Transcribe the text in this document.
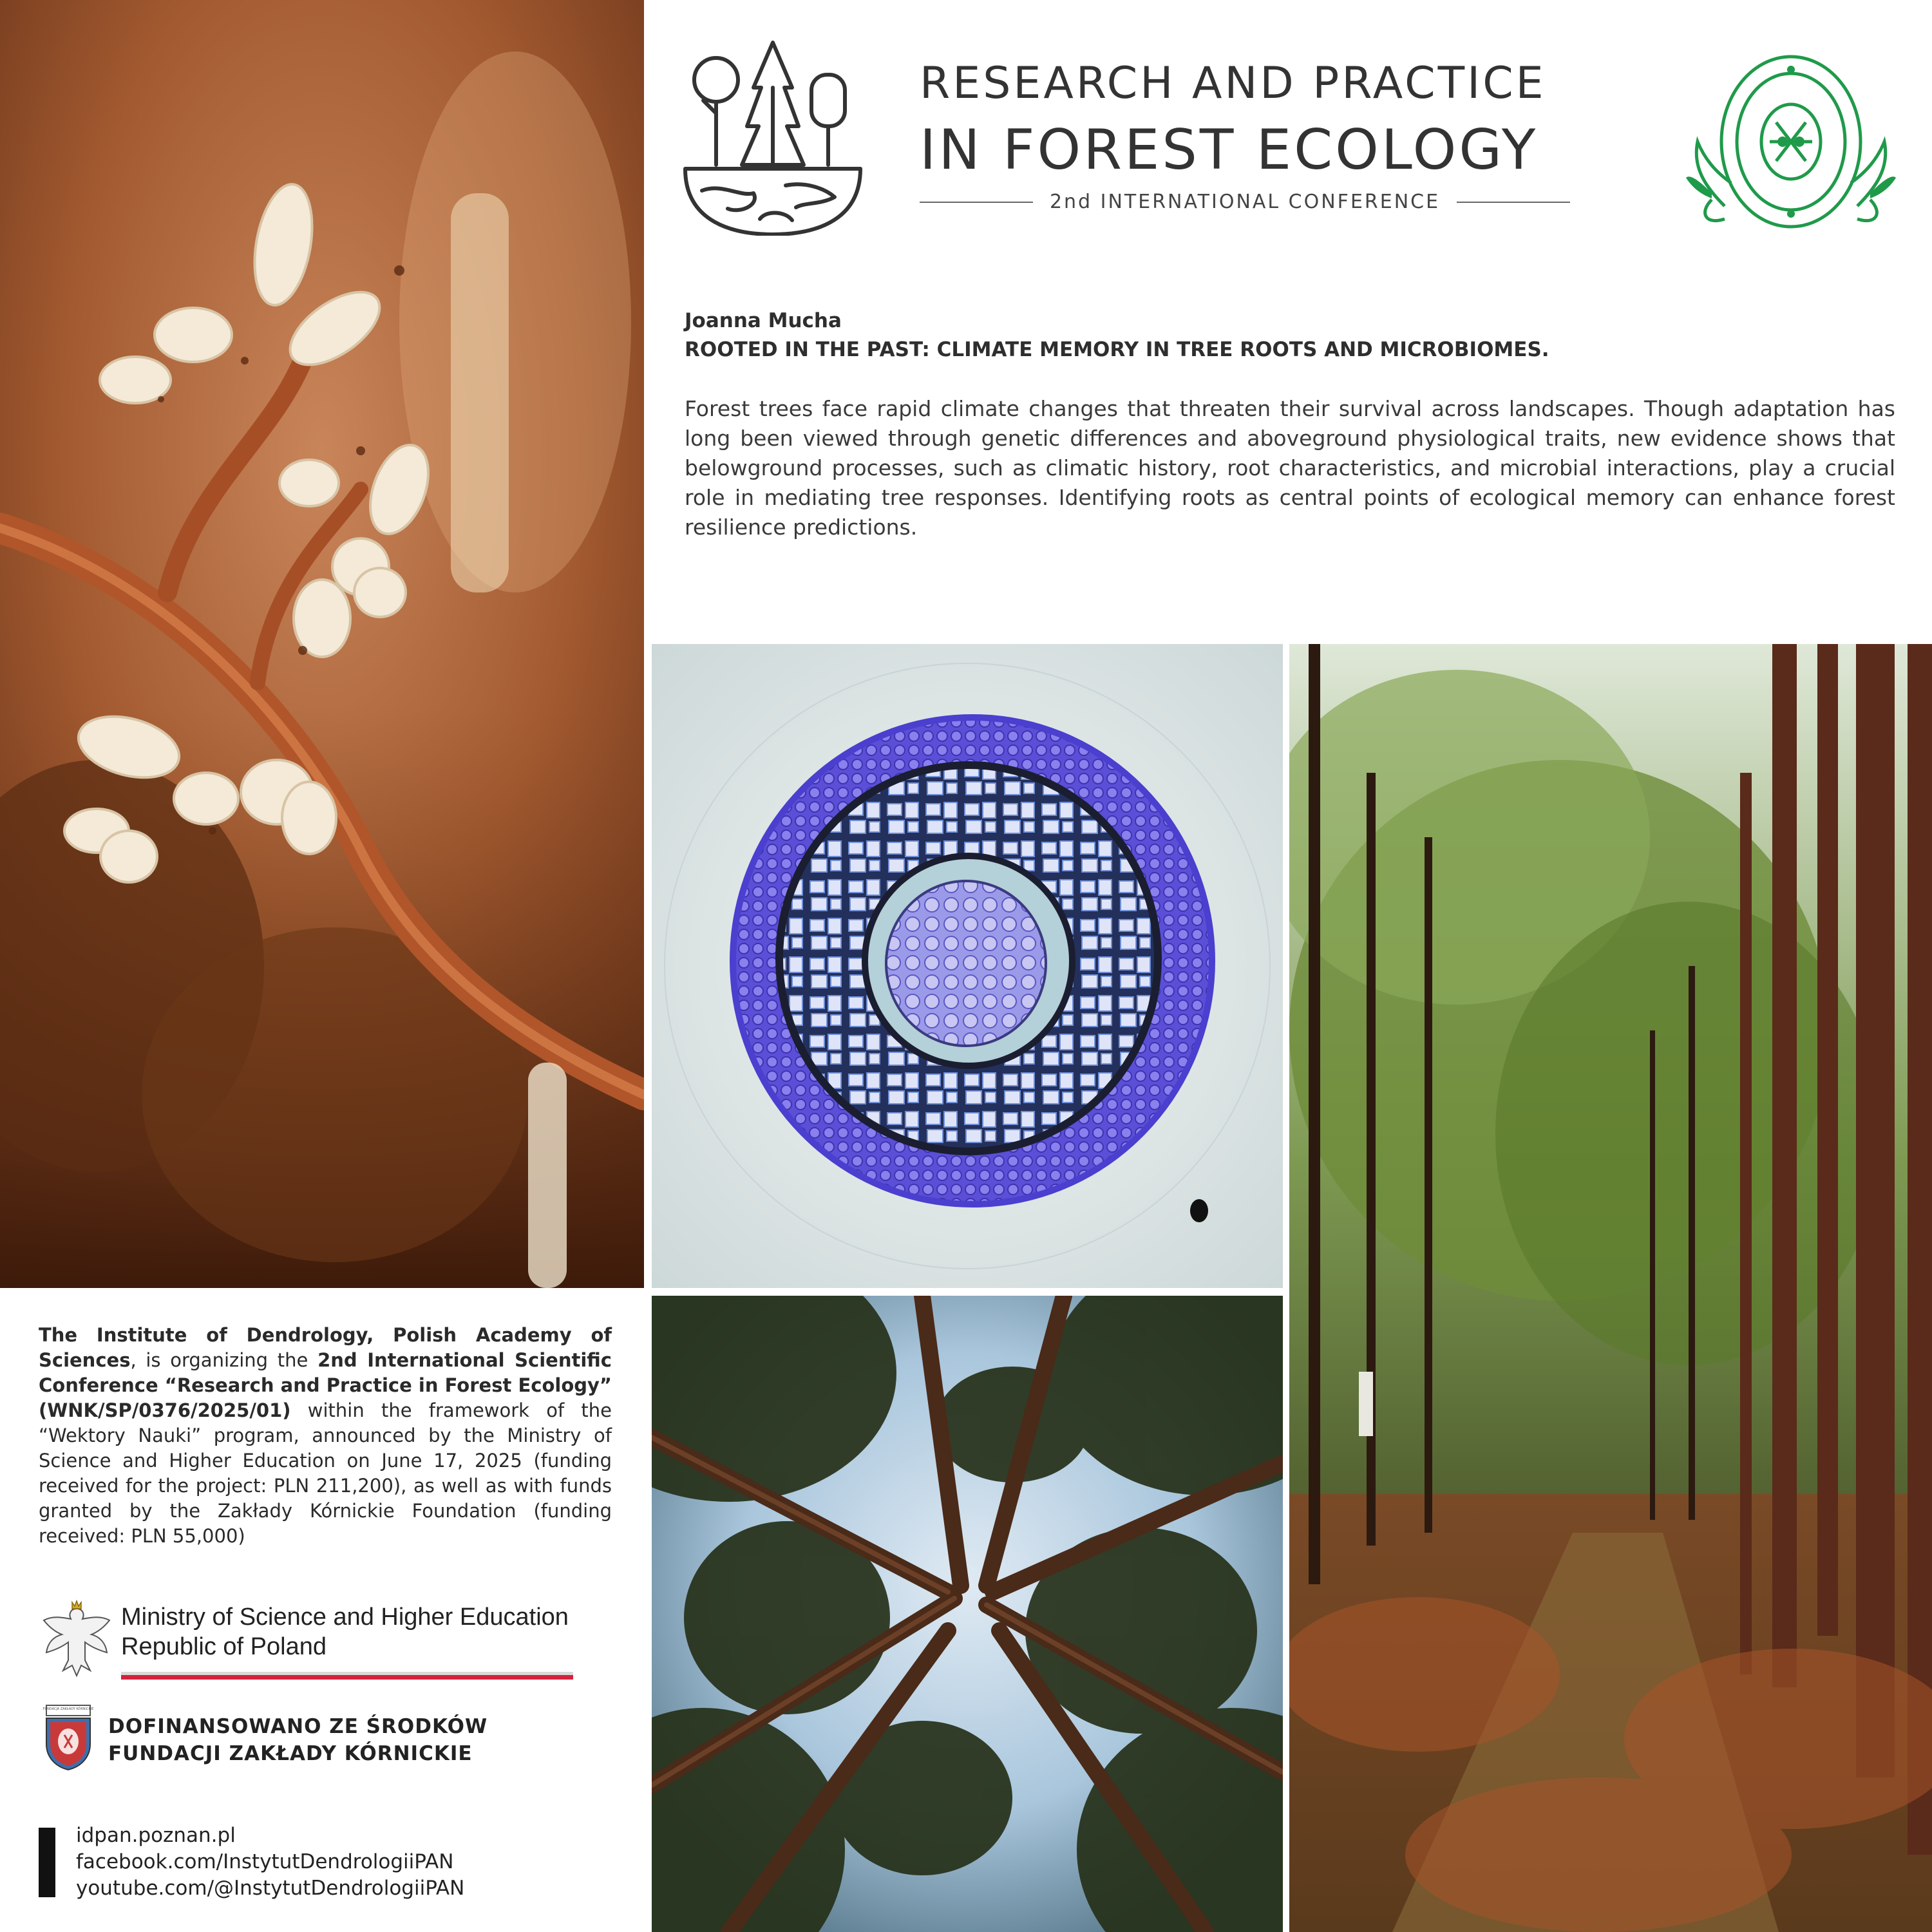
RESEARCH AND PRACTICE
IN FOREST ECOLOGY
2nd INTERNATIONAL CONFERENCE
Joanna Mucha
ROOTED IN THE PAST: CLIMATE MEMORY IN TREE ROOTS AND MICROBIOMES.
Forest trees face rapid climate changes that threaten their survival across landscapes. Though adaptation has long been viewed through genetic differences and aboveground physiological traits, new evidence shows that belowground processes, such as climatic history, root characteristics, and microbial interactions, play a crucial role in mediating tree responses. Identifying roots as central points of ecological memory can enhance forest resilience predictions.
The Institute of Dendrology, Polish Academy of Sciences, is organizing the 2nd International Scientific Conference “Research and Practice in Forest Ecology” (WNK/SP/0376/2025/01) within the framework of the “Wektory Nauki” program, announced by the Ministry of Science and Higher Education on June 17, 2025 (funding received for the project: PLN 211,200), as well as with funds granted by the Zakłady Kórnickie Foundation (funding received: PLN 55,000)
Ministry of Science and Higher Education
Republic of Poland
FUNDACJA ZAKŁADY KÓRNICKIE
DOFINANSOWANO ZE ŚRODKÓW
FUNDACJI ZAKŁADY KÓRNICKIE
idpan.poznan.pl
facebook.com/InstytutDendrologiiPAN
youtube.com/@InstytutDendrologiiPAN
